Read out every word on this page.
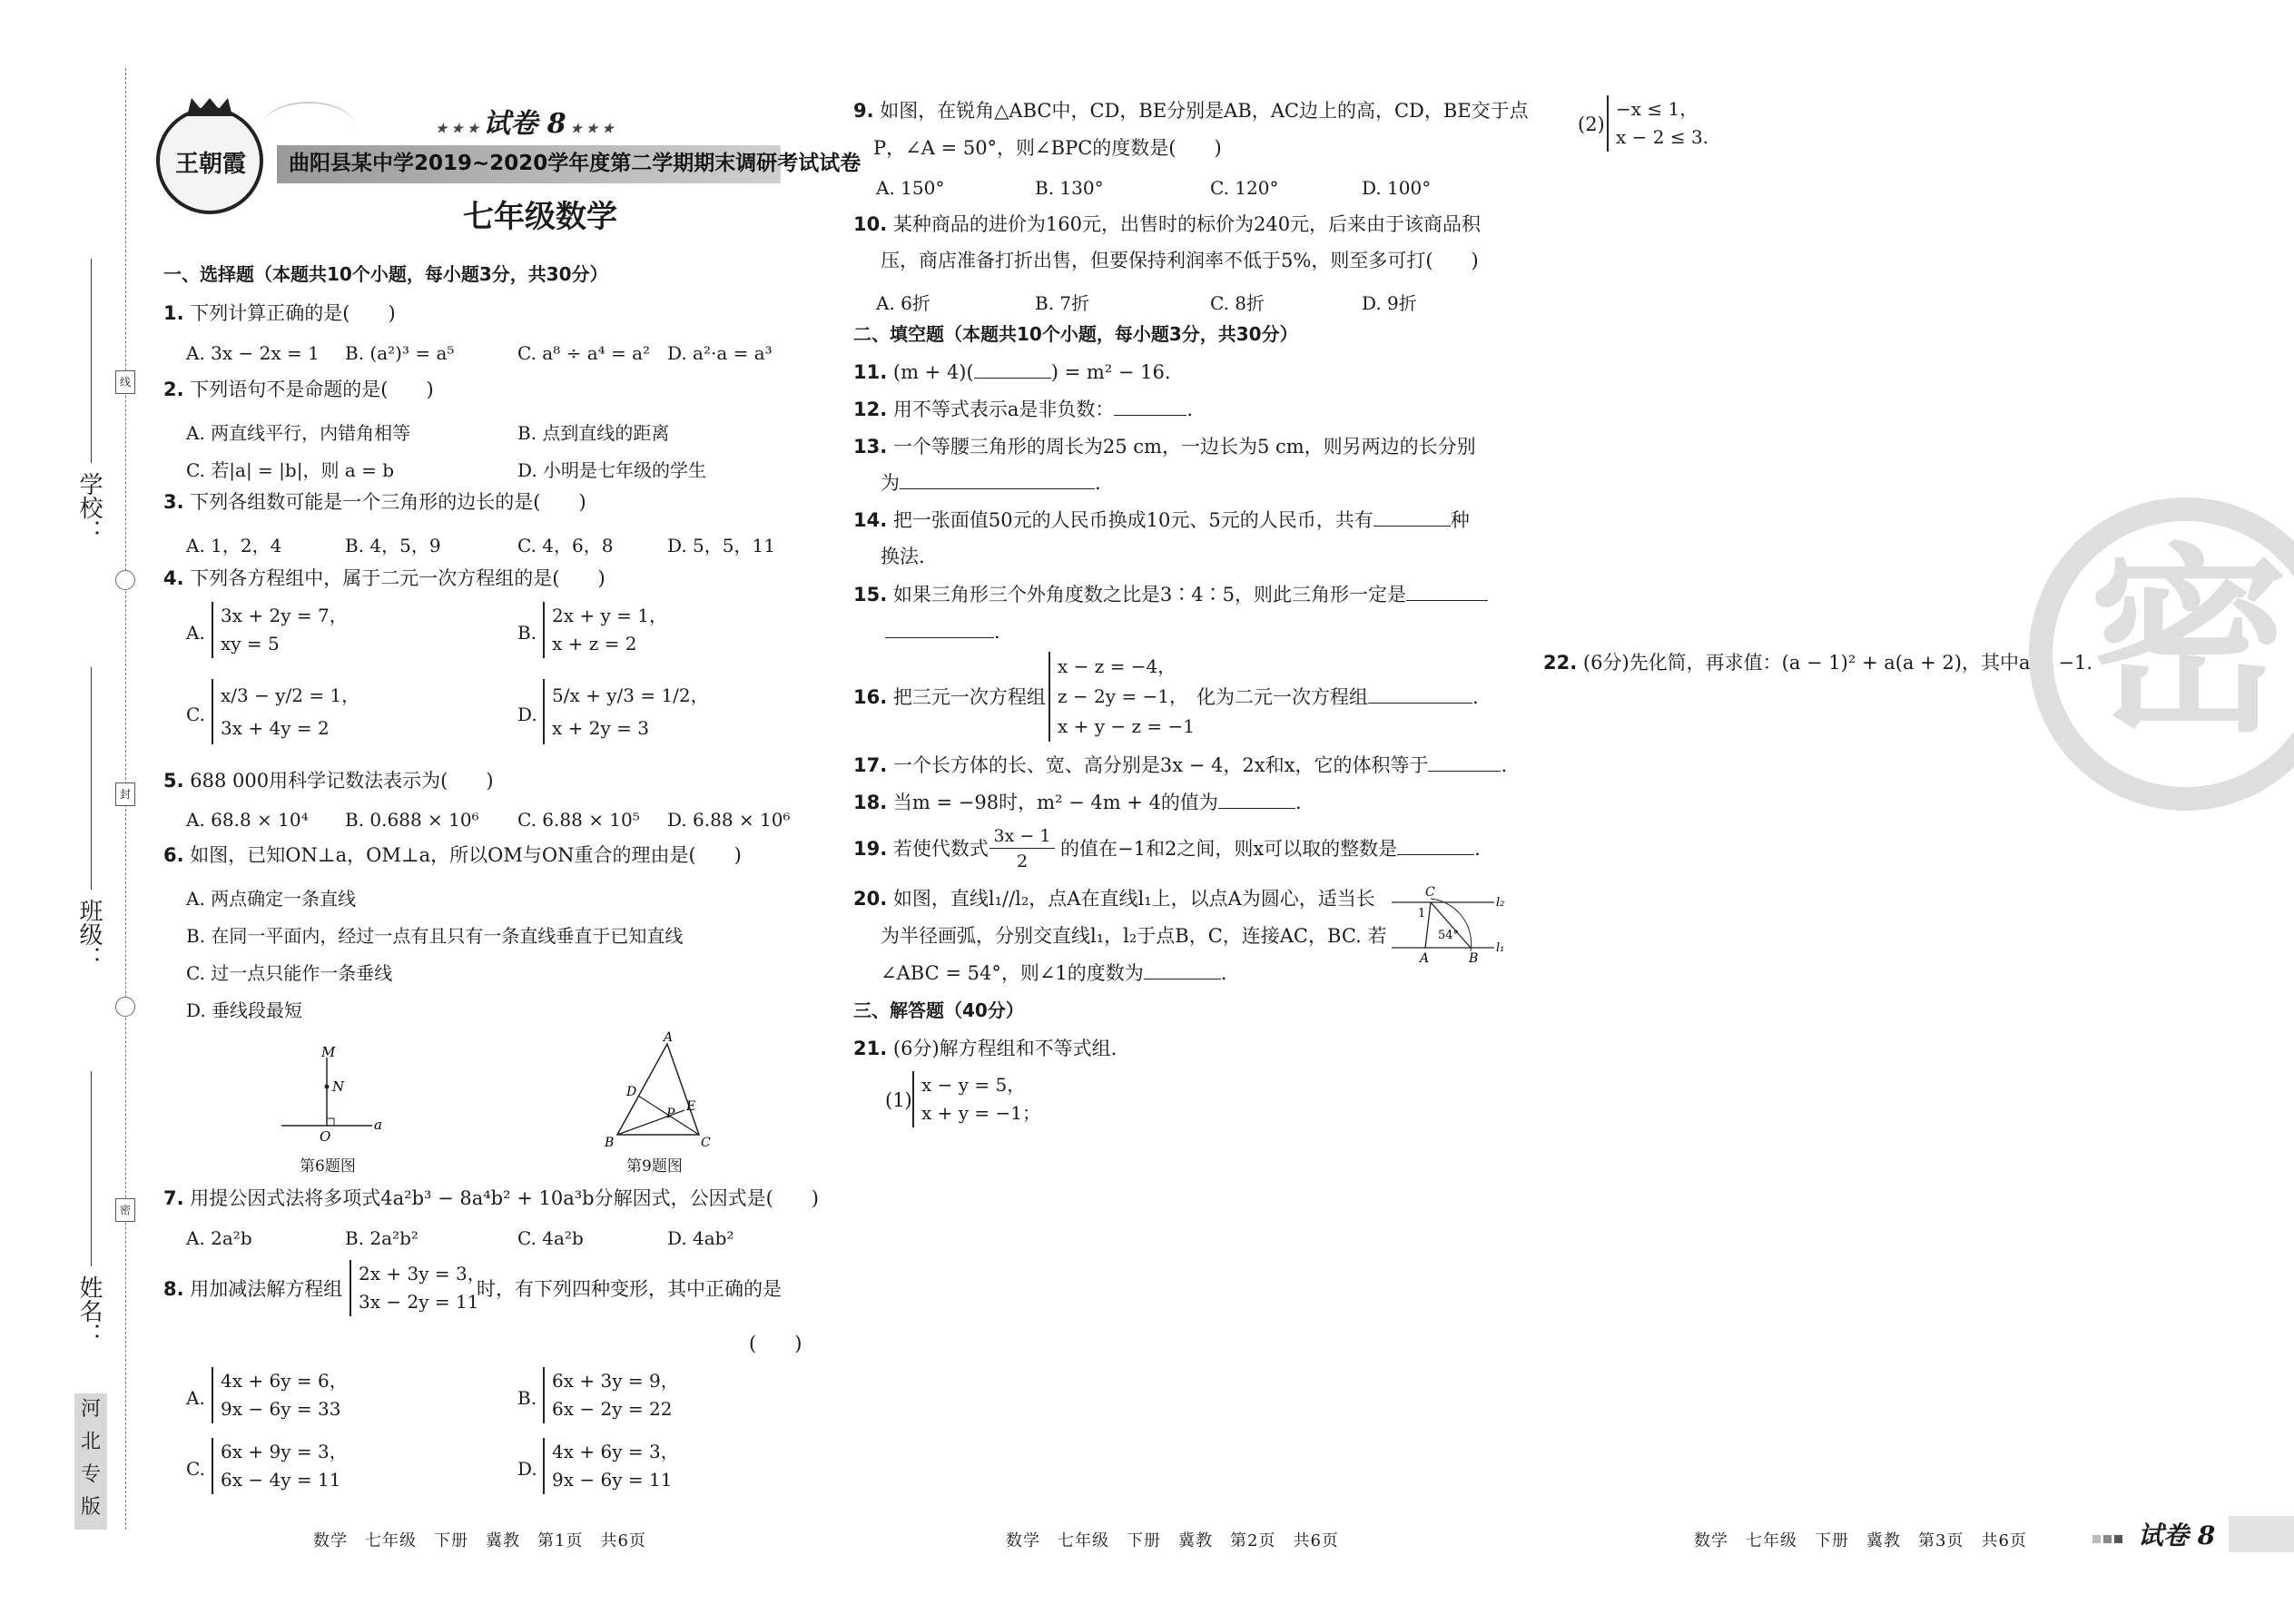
线
封
密
学校：
班级：
姓名：
河
北
专
版
王朝霞
★ ★ ★ 试卷 8 ★ ★ ★
曲阳县某中学2019~2020学年度第二学期期末调研考试试卷
七年级数学
一、选择题（本题共10个小题，每小题3分，共30分）
1. 下列计算正确的是(　　)
A. 3x − 2x = 1 B. (a²)³ = a⁵	C. a⁸ ÷ a⁴ = a² D. a²·a = a³
2. 下列语句不是命题的是(　　)
A. 两直线平行，内错角相等	B. 点到直线的距离
C. 若|a| = |b|，则 a = b	D. 小明是七年级的学生
3. 下列各组数可能是一个三角形的边长的是(　　)
A. 1，2，4	B. 4，5，9	C. 4，6，8	D. 5，5，11
4. 下列各方程组中，属于二元一次方程组的是(　　)
A.
3x + 2y = 7，
xy = 5	B.
2x + y = 1，
x + z = 2
C.
x/3 − y/2 = 1，
3x + 4y = 2
D.
5/x + y/3 = 1/2，
x + 2y = 3
5. 688 000用科学记数法表示为(　　)
A. 68.8 × 10⁴ B. 0.688 × 10⁶ C. 6.88 × 10⁵ D. 6.88 × 10⁶
6. 如图，已知ON⊥a，OM⊥a，所以OM与ON重合的理由是(　　)
A. 两点确定一条直线
B. 在同一平面内，经过一点有且只有一条直线垂直于已知直线
C. 过一点只能作一条垂线
D. 垂线段最短
M
N
O
a
第6题图
A
B	C
D
E
P
第9题图
7. 用提公因式法将多项式4a²b³ − 8a⁴b² + 10a³b分解因式，公因式是(　　)
A. 2a²b	B. 2a²b²	C. 4a²b	D. 4ab²
8. 用加减法解方程组
2x + 3y = 3，
3x − 2y = 11
时，有下列四种变形，其中正确的是
(　　)
A.
4x + 6y = 6，
9x − 6y = 33	B.
6x + 3y = 9，
6x − 2y = 22
C.
6x + 9y = 3，
6x − 4y = 11	D.
4x + 6y = 3，
9x − 6y = 11
数学　七年级　下册　冀教　第1页　共6页
9. 如图，在锐角△ABC中，CD，BE分别是AB，AC边上的高，CD，BE交于点
P，∠A = 50°，则∠BPC的度数是(　　)
A. 150°	B. 130°	C. 120°	D. 100°
10. 某种商品的进价为160元，出售时的标价为240元，后来由于该商品积
压，商店准备打折出售，但要保持利润率不低于5%，则至多可打(　　)
A. 6折	B. 7折	C. 8折	D. 9折
二、填空题（本题共10个小题，每小题3分，共30分）
11. (m + 4)(	) = m² − 16.
12. 用不等式表示a是非负数：	.
13. 一个等腰三角形的周长为25 cm，一边长为5 cm，则另两边的长分别
为	.
14. 把一张面值50元的人民币换成10元、5元的人民币，共有	种
换法.
15. 如果三角形三个外角度数之比是3∶4∶5，则此三角形一定是
.
16. 把三元一次方程组
x − z = −4，
z − 2y = −1，
x + y − z = −1
化为二元一次方程组	.
17. 一个长方体的长、宽、高分别是3x − 4，2x和x，它的体积等于	.
18. 当m = −98时，m² − 4m + 4的值为	.
19. 若使代数式 $\frac{3x - 1}{2}$ 的值在−1和2之间，则x可以取的整数是	.
20. 如图，直线l₁//l₂，点A在直线l₁上，以点A为圆心，适当长
为半径画弧，分别交直线l₁，l₂于点B，C，连接AC，BC. 若
∠ABC = 54°，则∠1的度数为	.
C
A	B
1
54°
l₂
l₁
三、解答题（40分）
21. (6分)解方程组和不等式组.
(1)
x − y = 5，
x + y = −1；
数学　七年级　下册　冀教　第2页　共6页
(2)
−x ≤ 1，
x − 2 ≤ 3.
22. (6分)先化简，再求值：(a − 1)² + a(a + 2)，其中a = −1.
密
数学　七年级　下册　冀教　第3页　共6页	试卷 8
